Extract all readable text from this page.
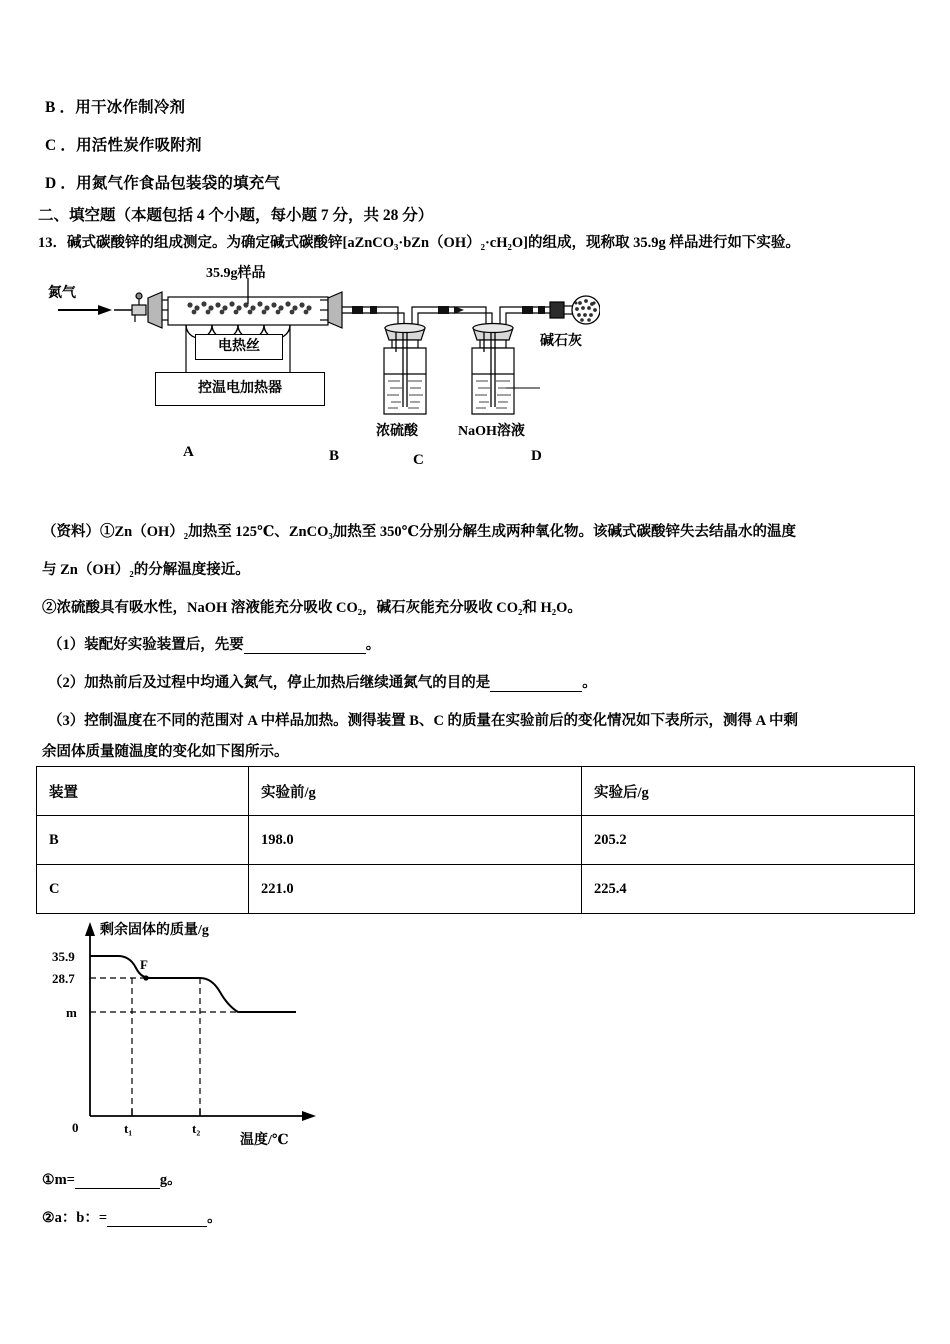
B ．用干冰作制冷剂
C ．用活性炭作吸附剂
D ．用氮气作食品包装袋的填充气
二、填空题（本题包括 4 个小题，每小题 7 分，共 28 分）
13．碱式碳酸锌的组成测定。为确定碱式碳酸锌[aZnCO₃·bZn（OH）₂·cH₂O]的组成，现称取 35.9g 样品进行如下实验。
氮气
35.9g样品
电热丝
控温电加热器
浓硫酸	NaOH溶液
碱石灰
A	B	C	D
（资料）①Zn（OH）₂加热至 125℃、ZnCO₃加热至 350℃分别分解生成两种氧化物。该碱式碳酸锌失去结晶水的温度
与 Zn（OH）₂的分解温度接近。
②浓硫酸具有吸水性，NaOH 溶液能充分吸收 CO₂，碱石灰能充分吸收 CO₂和 H₂O。
（1）装配好实验装置后，先要	。
（2）加热前后及过程中均通入氮气，停止加热后继续通氮气的目的是	。
（3）控制温度在不同的范围对 A 中样品加热。测得装置 B、C 的质量在实验前后的变化情况如下表所示，测得 A 中剩
余固体质量随温度的变化如下图所示。
装置	实验前/g	实验后/g
B	198.0	205.2
C	221.0	225.4
35.9
28.7
m
0	t₁	t₂
F
剩余固体的质量/g
温度/℃
①m=	g。
②a：b：=	。
